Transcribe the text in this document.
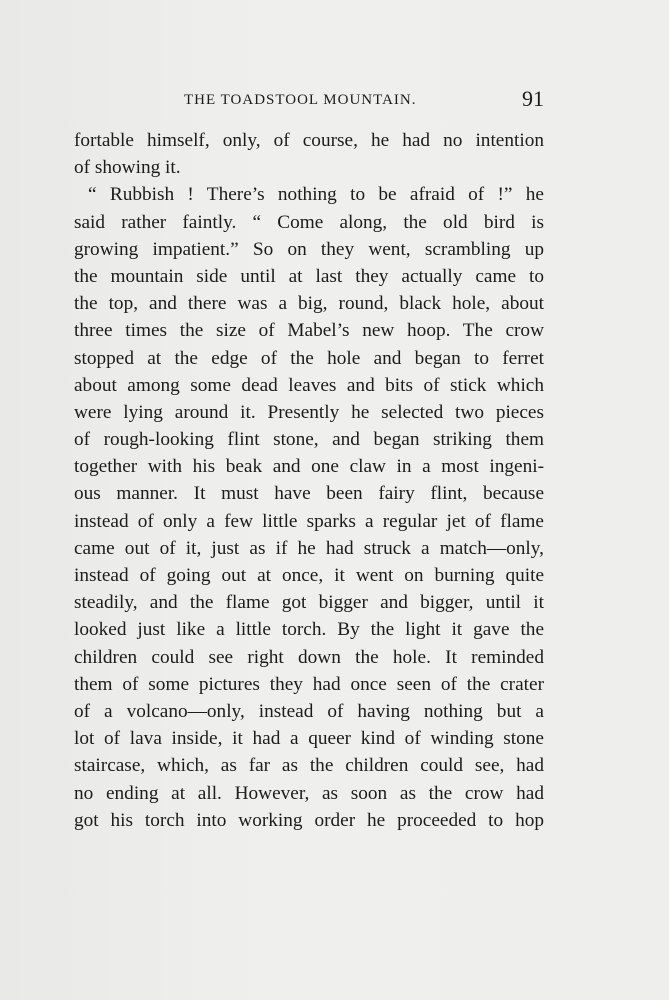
THE TOADSTOOL MOUNTAIN.	91
fortable himself, only, of course, he had no intention
of showing it.
“ Rubbish ! There’s nothing to be afraid of !” he
said rather faintly. “ Come along, the old bird is
growing impatient.” So on they went, scrambling up
the mountain side until at last they actually came to
the top, and there was a big, round, black hole, about
three times the size of Mabel’s new hoop. The crow
stopped at the edge of the hole and began to ferret
about among some dead leaves and bits of stick which
were lying around it. Presently he selected two pieces
of rough-looking flint stone, and began striking them
together with his beak and one claw in a most ingeni-
ous manner. It must have been fairy flint, because
instead of only a few little sparks a regular jet of flame
came out of it, just as if he had struck a match—only,
instead of going out at once, it went on burning quite
steadily, and the flame got bigger and bigger, until it
looked just like a little torch. By the light it gave the
children could see right down the hole. It reminded
them of some pictures they had once seen of the crater
of a volcano—only, instead of having nothing but a
lot of lava inside, it had a queer kind of winding stone
staircase, which, as far as the children could see, had
no ending at all. However, as soon as the crow had
got his torch into working order he proceeded to hop
